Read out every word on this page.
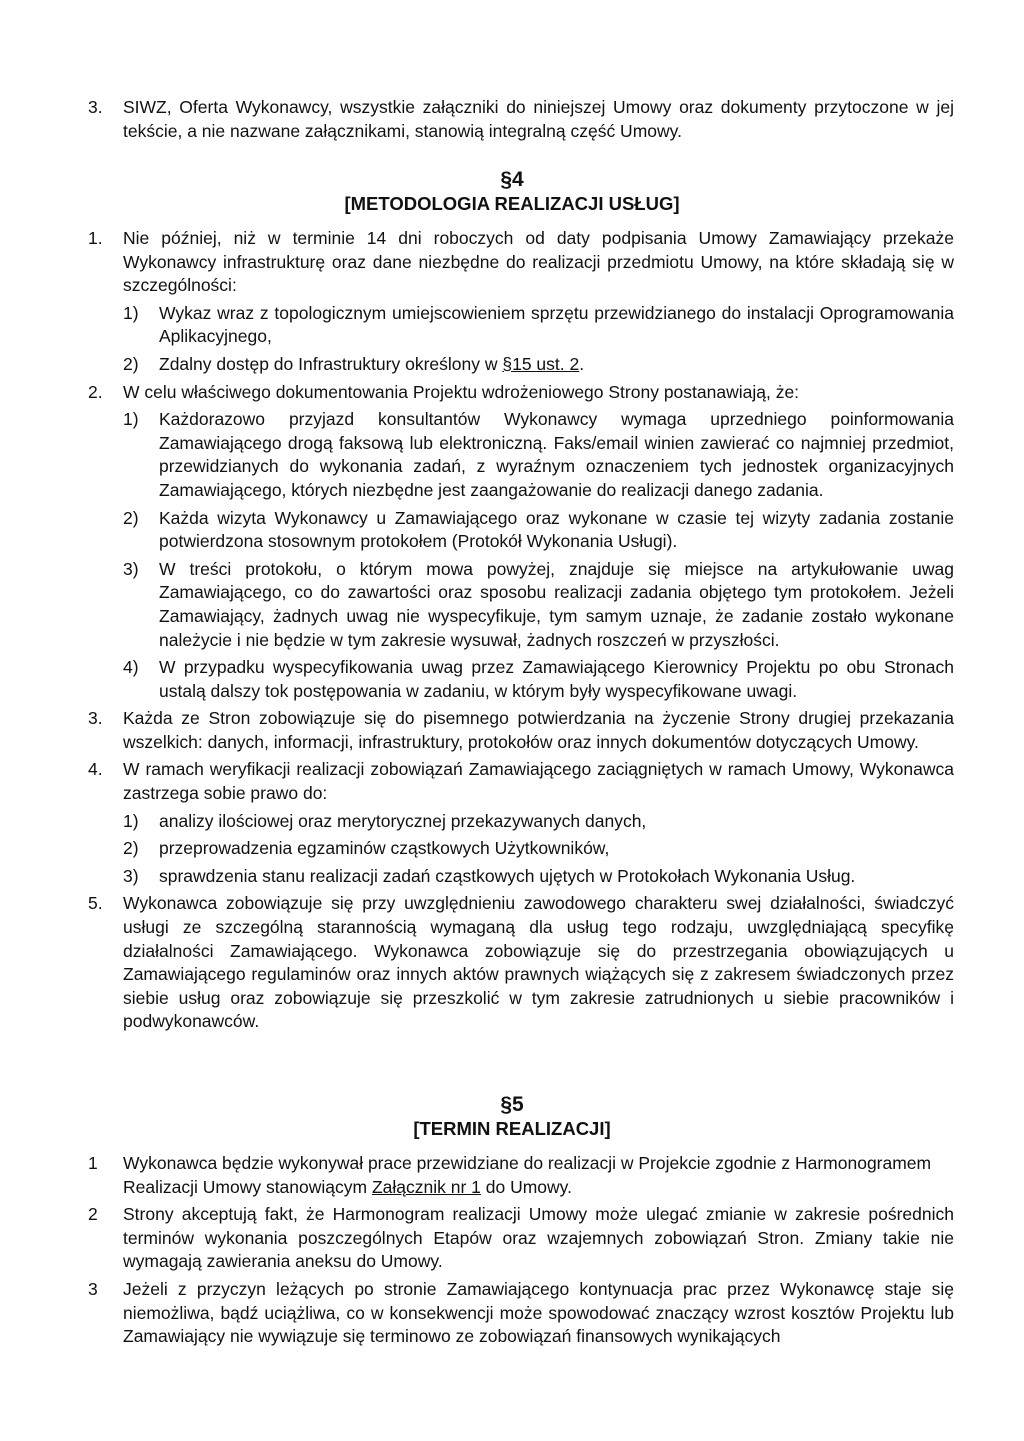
3.	SIWZ, Oferta Wykonawcy, wszystkie załączniki do niniejszej Umowy oraz dokumenty przytoczone w jej tekście, a nie nazwane załącznikami, stanowią integralną część Umowy.
§4
[METODOLOGIA REALIZACJI USŁUG]
1.	Nie później, niż w terminie 14 dni roboczych od daty podpisania Umowy Zamawiający przekaże Wykonawcy infrastrukturę oraz dane niezbędne do realizacji przedmiotu Umowy, na które składają się w szczególności:
1)	Wykaz wraz z topologicznym umiejscowieniem sprzętu przewidzianego do instalacji Oprogramowania Aplikacyjnego,
2)	Zdalny dostęp do Infrastruktury określony w §15 ust. 2.
2.	W celu właściwego dokumentowania Projektu wdrożeniowego Strony postanawiają, że:
1)	Każdorazowo przyjazd konsultantów Wykonawcy wymaga uprzedniego poinformowania Zamawiającego drogą faksową lub elektroniczną. Faks/email winien zawierać co najmniej przedmiot, przewidzianych do wykonania zadań, z wyraźnym oznaczeniem tych jednostek organizacyjnych Zamawiającego, których niezbędne jest zaangażowanie do realizacji danego zadania.
2)	Każda wizyta Wykonawcy u Zamawiającego oraz wykonane w czasie tej wizyty zadania zostanie potwierdzona stosownym protokołem (Protokół Wykonania Usługi).
3)	W treści protokołu, o którym mowa powyżej, znajduje się miejsce na artykułowanie uwag Zamawiającego, co do zawartości oraz sposobu realizacji zadania objętego tym protokołem. Jeżeli Zamawiający, żadnych uwag nie wyspecyfikuje, tym samym uznaje, że zadanie zostało wykonane należycie i nie będzie w tym zakresie wysuwał, żadnych roszczeń w przyszłości.
4)	W przypadku wyspecyfikowania uwag przez Zamawiającego Kierownicy Projektu po obu Stronach ustalą dalszy tok postępowania w zadaniu, w którym były wyspecyfikowane uwagi.
3.	Każda ze Stron zobowiązuje się do pisemnego potwierdzania na życzenie Strony drugiej przekazania wszelkich: danych, informacji, infrastruktury, protokołów oraz innych dokumentów dotyczących Umowy.
4.	W ramach weryfikacji realizacji zobowiązań Zamawiającego zaciągniętych w ramach Umowy, Wykonawca zastrzega sobie prawo do:
1)	analizy ilościowej oraz merytorycznej przekazywanych danych,
2)	przeprowadzenia egzaminów cząstkowych Użytkowników,
3)	sprawdzenia stanu realizacji zadań cząstkowych ujętych w Protokołach Wykonania Usług.
5.	Wykonawca zobowiązuje się przy uwzględnieniu zawodowego charakteru swej działalności, świadczyć usługi ze szczególną starannością wymaganą dla usług tego rodzaju, uwzględniającą specyfikę działalności Zamawiającego. Wykonawca zobowiązuje się do przestrzegania obowiązujących u Zamawiającego regulaminów oraz innych aktów prawnych wiążących się z zakresem świadczonych przez siebie usług oraz zobowiązuje się przeszkolić w tym zakresie zatrudnionych u siebie pracowników i podwykonawców.
§5
[TERMIN REALIZACJI]
1	Wykonawca będzie wykonywał prace przewidziane do realizacji w Projekcie zgodnie z Harmonogramem Realizacji Umowy stanowiącym Załącznik nr 1 do Umowy.
2	Strony akceptują fakt, że Harmonogram realizacji Umowy może ulegać zmianie w zakresie pośrednich terminów wykonania poszczególnych Etapów oraz wzajemnych zobowiązań Stron. Zmiany takie nie wymagają zawierania aneksu do Umowy.
3	Jeżeli z przyczyn leżących po stronie Zamawiającego kontynuacja prac przez Wykonawcę staje się niemożliwa, bądź uciążliwa, co w konsekwencji może spowodować znaczący wzrost kosztów Projektu lub Zamawiający nie wywiązuje się terminowo ze zobowiązań finansowych wynikających
